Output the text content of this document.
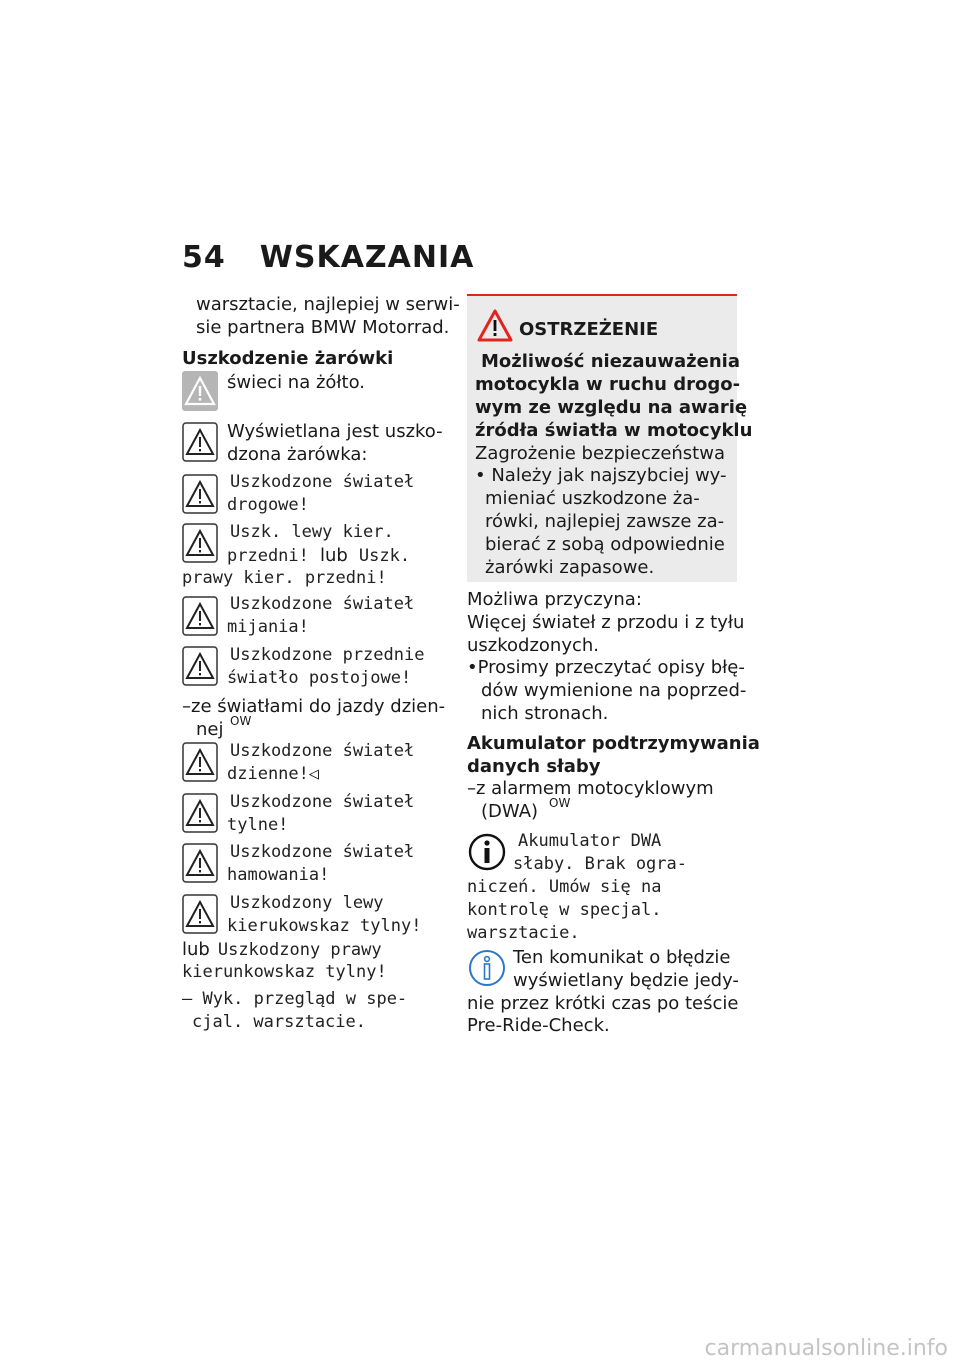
54 WSKAZANIA
warsztacie, najlepiej w serwi-
sie partnera BMW Motorrad.
Uszkodzenie żarówki
świeci na żółto.
Wyświetlana jest uszko-
dzona żarówka:
Uszkodzone świateł
drogowe!
Uszk. lewy kier.
przedni! lub Uszk.
prawy kier. przedni!
Uszkodzone świateł
mijania!
Uszkodzone przednie
światło postojowe!
–ze światłami do jazdy dzien-
nej OW
Uszkodzone świateł
dzienne!◁
Uszkodzone świateł
tylne!
Uszkodzone świateł
hamowania!
Uszkodzony lewy
kierukowskaz tylny!
lub Uszkodzony prawy
kierunkowskaz tylny!
– Wyk. przegląd w spe-
cjal. warsztacie.
OSTRZEŻENIE
Możliwość niezauważenia
motocykla w ruchu drogo-
wym ze względu na awarię
źródła światła w motocyklu
Zagrożenie bezpieczeństwa
• Należy jak najszybciej wy-
mieniać uszkodzone ża-
rówki, najlepiej zawsze za-
bierać z sobą odpowiednie
żarówki zapasowe.
Możliwa przyczyna:
Więcej świateł z przodu i z tyłu
uszkodzonych.
•Prosimy przeczytać opisy błę-
dów wymienione na poprzed-
nich stronach.
Akumulator podtrzymywania
danych słaby
–z alarmem motocyklowym
(DWA) OW
Akumulator DWA
słaby. Brak ogra-
niczeń. Umów się na
kontrolę w specjal.
warsztacie.
Ten komunikat o błędzie
wyświetlany będzie jedy-
nie przez krótki czas po teście
Pre-Ride-Check.
carmanualsonline.info
